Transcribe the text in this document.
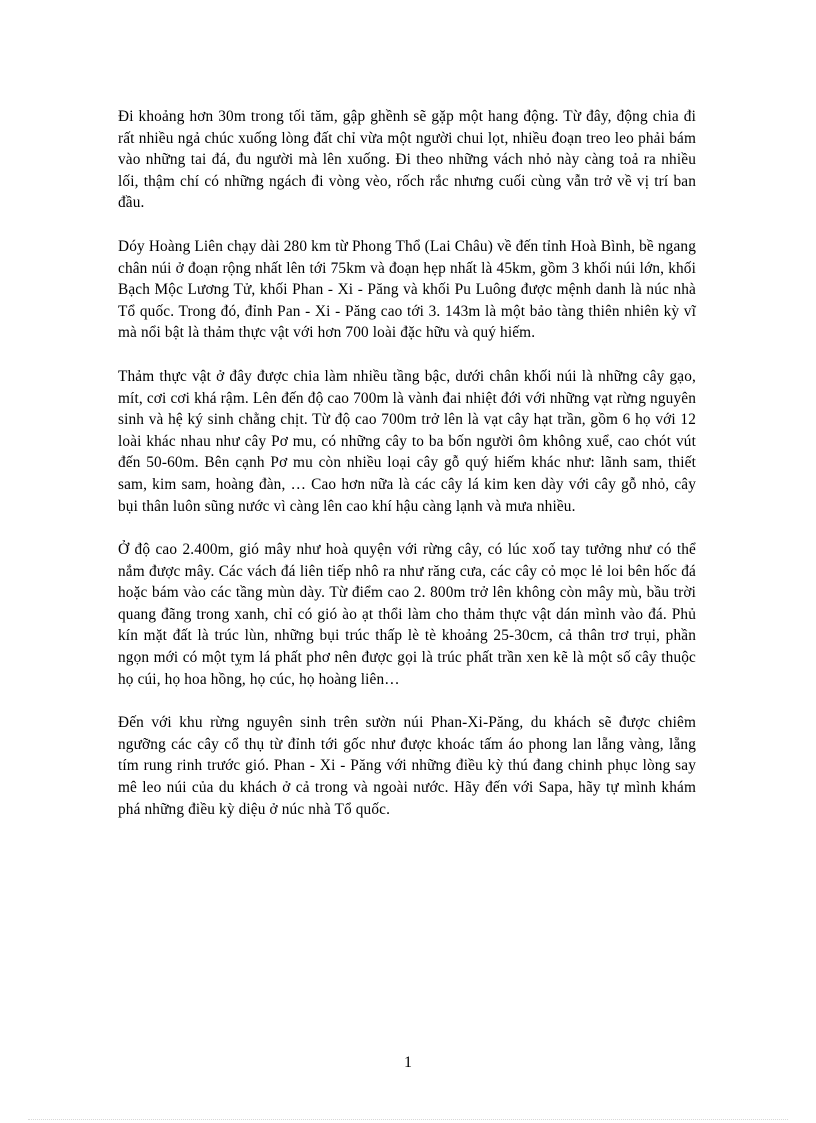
Đi khoảng hơn 30m trong tối tăm, gập ghềnh sẽ gặp một hang động. Từ đây, động chia đi rất nhiều ngả chúc xuống lòng đất chỉ vừa một người chui lọt, nhiều đoạn treo leo phải bám vào những tai đá, đu người mà lên xuống. Đi theo những vách nhỏ này càng toả ra nhiều lối, thậm chí có những ngách đi vòng vèo, rốch rắc nhưng cuối cùng vẫn trở về vị trí ban đầu.

Dóy Hoàng Liên chạy dài 280 km từ Phong Thổ (Lai Châu) về đến tỉnh Hoà Bình, bề ngang chân núi ở đoạn rộng nhất lên tới 75km và đoạn hẹp nhất là 45km, gồm 3 khối núi lớn, khối Bạch Mộc Lương Tử, khối Phan - Xi - Păng và khối Pu Luông được mệnh danh là núc nhà Tổ quốc. Trong đó, đỉnh Pan - Xi - Păng cao tới 3. 143m là một bảo tàng thiên nhiên kỳ vĩ mà nổi bật là thảm thực vật với hơn 700 loài đặc hữu và quý hiếm.

Thảm thực vật ở đây được chia làm nhiều tầng bậc, dưới chân khối núi là những cây gạo, mít, cơi cơi khá rậm. Lên đến độ cao 700m là vành đai nhiệt đới với những vạt rừng nguyên sinh và hệ ký sinh chằng chịt. Từ độ cao 700m trở lên là vạt cây hạt trần, gồm 6 họ với 12 loài khác nhau như cây Pơ mu, có những cây to ba bốn người ôm không xuể, cao chót vút đến 50-60m. Bên cạnh Pơ mu còn nhiều loại cây gỗ quý hiếm khác như: lãnh sam, thiết sam, kim sam, hoàng đàn, … Cao hơn nữa là các cây lá kim ken dày với cây gỗ nhỏ, cây bụi thân luôn sũng nước vì càng lên cao khí hậu càng lạnh và mưa nhiều.

Ở độ cao 2.400m, gió mây như hoà quyện với rừng cây, có lúc xoố tay tưởng như có thể nắm được mây. Các vách đá liên tiếp nhô ra như răng cưa, các cây cỏ mọc lẻ loi bên hốc đá hoặc bám vào các tầng mùn dày. Từ điểm cao 2. 800m trở lên không còn mây mù, bầu trời quang đãng trong xanh, chỉ có gió ào ạt thổi làm cho thảm thực vật dán mình vào đá. Phủ kín mặt đất là trúc lùn, những bụi trúc thấp lè tè khoảng 25-30cm, cả thân trơ trụi, phần ngọn mới có một tỵm lá phất phơ nên được gọi là trúc phất trần xen kẽ là một số cây thuộc họ cúi, họ hoa hồng, họ cúc, họ hoàng liên…

Đến với khu rừng nguyên sinh trên sườn núi Phan-Xi-Păng, du khách sẽ được chiêm ngưỡng các cây cổ thụ từ đỉnh tới gốc như được khoác tấm áo phong lan lẵng vàng, lẵng tím rung rinh trước gió. Phan - Xi - Păng với những điều kỳ thú đang chinh phục lòng say mê leo núi của du khách ở cả trong và ngoài nước. Hãy đến với Sapa, hãy tự mình khám phá những điều kỳ diệu ở núc nhà Tổ quốc.

1
